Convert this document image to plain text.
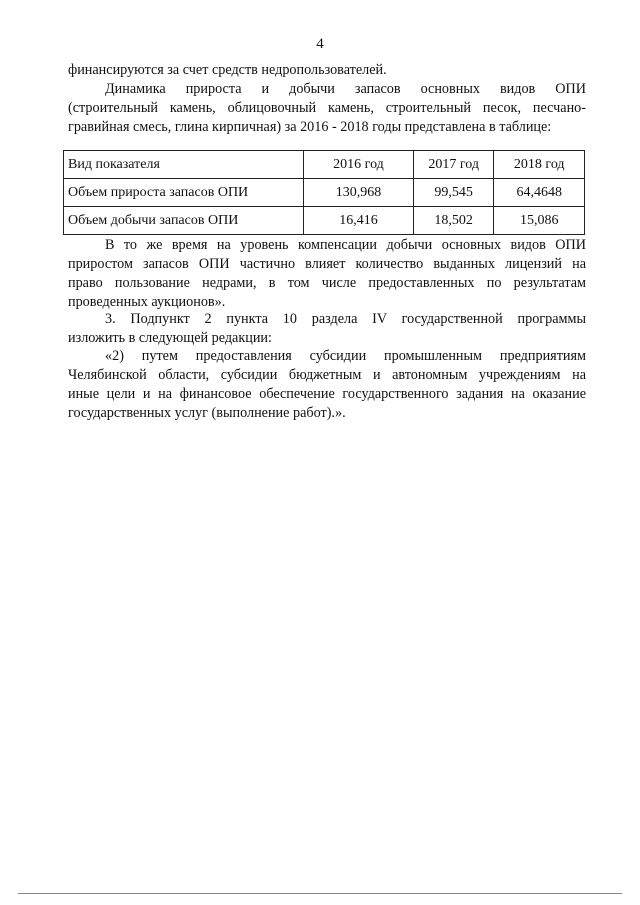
4

финансируются за счет средств недропользователей.

Динамика прироста и добычи запасов основных видов ОПИ
(строительный камень, облицовочный камень, строительный песок, песчано-
гравийная смесь, глина кирпичная) за 2016 - 2018 годы представлена в таблице:
Вид показателя	2016 год	2017 год	2018 год
Объем прироста запасов ОПИ	130,968	99,545	64,4648
Объем добычи запасов ОПИ	16,416	18,502	15,086
В то же время на уровень компенсации добычи основных видов ОПИ
приростом запасов ОПИ частично влияет количество выданных лицензий на
право пользование недрами, в том числе предоставленных по результатам
проведенных аукционов».
3. Подпункт 2 пункта 10 раздела IV государственной программы
изложить в следующей редакции:
«2) путем предоставления субсидии промышленным предприятиям
Челябинской области, субсидии бюджетным и автономным учреждениям на
иные цели и на финансовое обеспечение государственного задания на оказание
государственных услуг (выполнение работ).».
